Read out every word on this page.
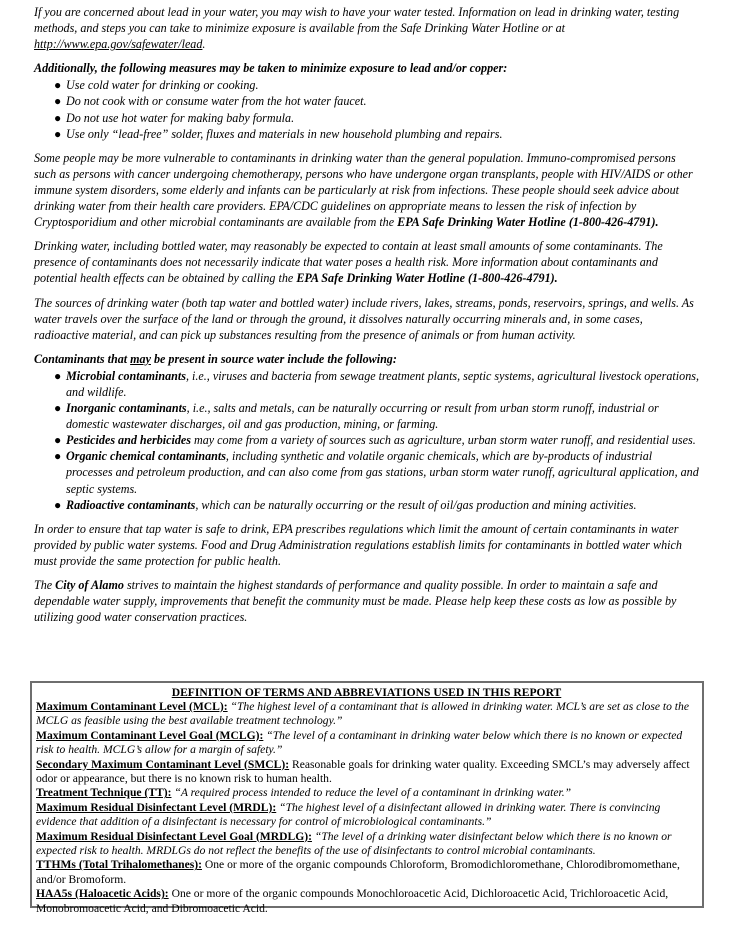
If you are concerned about lead in your water, you may wish to have your water tested. Information on lead in drinking water, testing methods, and steps you can take to minimize exposure is available from the Safe Drinking Water Hotline or at http://www.epa.gov/safewater/lead.

Additionally, the following measures may be taken to minimize exposure to lead and/or copper:
● Use cold water for drinking or cooking.
● Do not cook with or consume water from the hot water faucet.
● Do not use hot water for making baby formula.
● Use only “lead-free” solder, fluxes and materials in new household plumbing and repairs.

Some people may be more vulnerable to contaminants in drinking water than the general population. Immuno-compromised persons such as persons with cancer undergoing chemotherapy, persons who have undergone organ transplants, people with HIV/AIDS or other immune system disorders, some elderly and infants can be particularly at risk from infections. These people should seek advice about drinking water from their health care providers. EPA/CDC guidelines on appropriate means to lessen the risk of infection by Cryptosporidium and other microbial contaminants are available from the EPA Safe Drinking Water Hotline (1-800-426-4791).

Drinking water, including bottled water, may reasonably be expected to contain at least small amounts of some contaminants. The presence of contaminants does not necessarily indicate that water poses a health risk. More information about contaminants and potential health effects can be obtained by calling the EPA Safe Drinking Water Hotline (1-800-426-4791).

The sources of drinking water (both tap water and bottled water) include rivers, lakes, streams, ponds, reservoirs, springs, and wells. As water travels over the surface of the land or through the ground, it dissolves naturally occurring minerals and, in some cases, radioactive material, and can pick up substances resulting from the presence of animals or from human activity.

Contaminants that may be present in source water include the following:
● Microbial contaminants, i.e., viruses and bacteria from sewage treatment plants, septic systems, agricultural livestock operations, and wildlife.
● Inorganic contaminants, i.e., salts and metals, can be naturally occurring or result from urban storm runoff, industrial or domestic wastewater discharges, oil and gas production, mining, or farming.
● Pesticides and herbicides may come from a variety of sources such as agriculture, urban storm water runoff, and residential uses.
● Organic chemical contaminants, including synthetic and volatile organic chemicals, which are by-products of industrial processes and petroleum production, and can also come from gas stations, urban storm water runoff, agricultural application, and septic systems.
● Radioactive contaminants, which can be naturally occurring or the result of oil/gas production and mining activities.

In order to ensure that tap water is safe to drink, EPA prescribes regulations which limit the amount of certain contaminants in water provided by public water systems. Food and Drug Administration regulations establish limits for contaminants in bottled water which must provide the same protection for public health.

The City of Alamo strives to maintain the highest standards of performance and quality possible. In order to maintain a safe and dependable water supply, improvements that benefit the community must be made. Please help keep these costs as low as possible by utilizing good water conservation practices.

DEFINITION OF TERMS AND ABBREVIATIONS USED IN THIS REPORT
Maximum Contaminant Level (MCL): “The highest level of a contaminant that is allowed in drinking water. MCL’s are set as close to the MCLG as feasible using the best available treatment technology.”
Maximum Contaminant Level Goal (MCLG): “The level of a contaminant in drinking water below which there is no known or expected risk to health. MCLG’s allow for a margin of safety.”
Secondary Maximum Contaminant Level (SMCL): Reasonable goals for drinking water quality. Exceeding SMCL’s may adversely affect odor or appearance, but there is no known risk to human health.
Treatment Technique (TT): “A required process intended to reduce the level of a contaminant in drinking water.”
Maximum Residual Disinfectant Level (MRDL): “The highest level of a disinfectant allowed in drinking water. There is convincing evidence that addition of a disinfectant is necessary for control of microbiological contaminants.”
Maximum Residual Disinfectant Level Goal (MRDLG): “The level of a drinking water disinfectant below which there is no known or expected risk to health. MRDLGs do not reflect the benefits of the use of disinfectants to control microbial contaminants.
TTHMs (Total Trihalomethanes): One or more of the organic compounds Chloroform, Bromodichloromethane, Chlorodibromomethane, and/or Bromoform.
HAA5s (Haloacetic Acids): One or more of the organic compounds Monochloroacetic Acid, Dichloroacetic Acid, Trichloroacetic Acid, Monobromoacetic Acid, and Dibromoacetic Acid.
